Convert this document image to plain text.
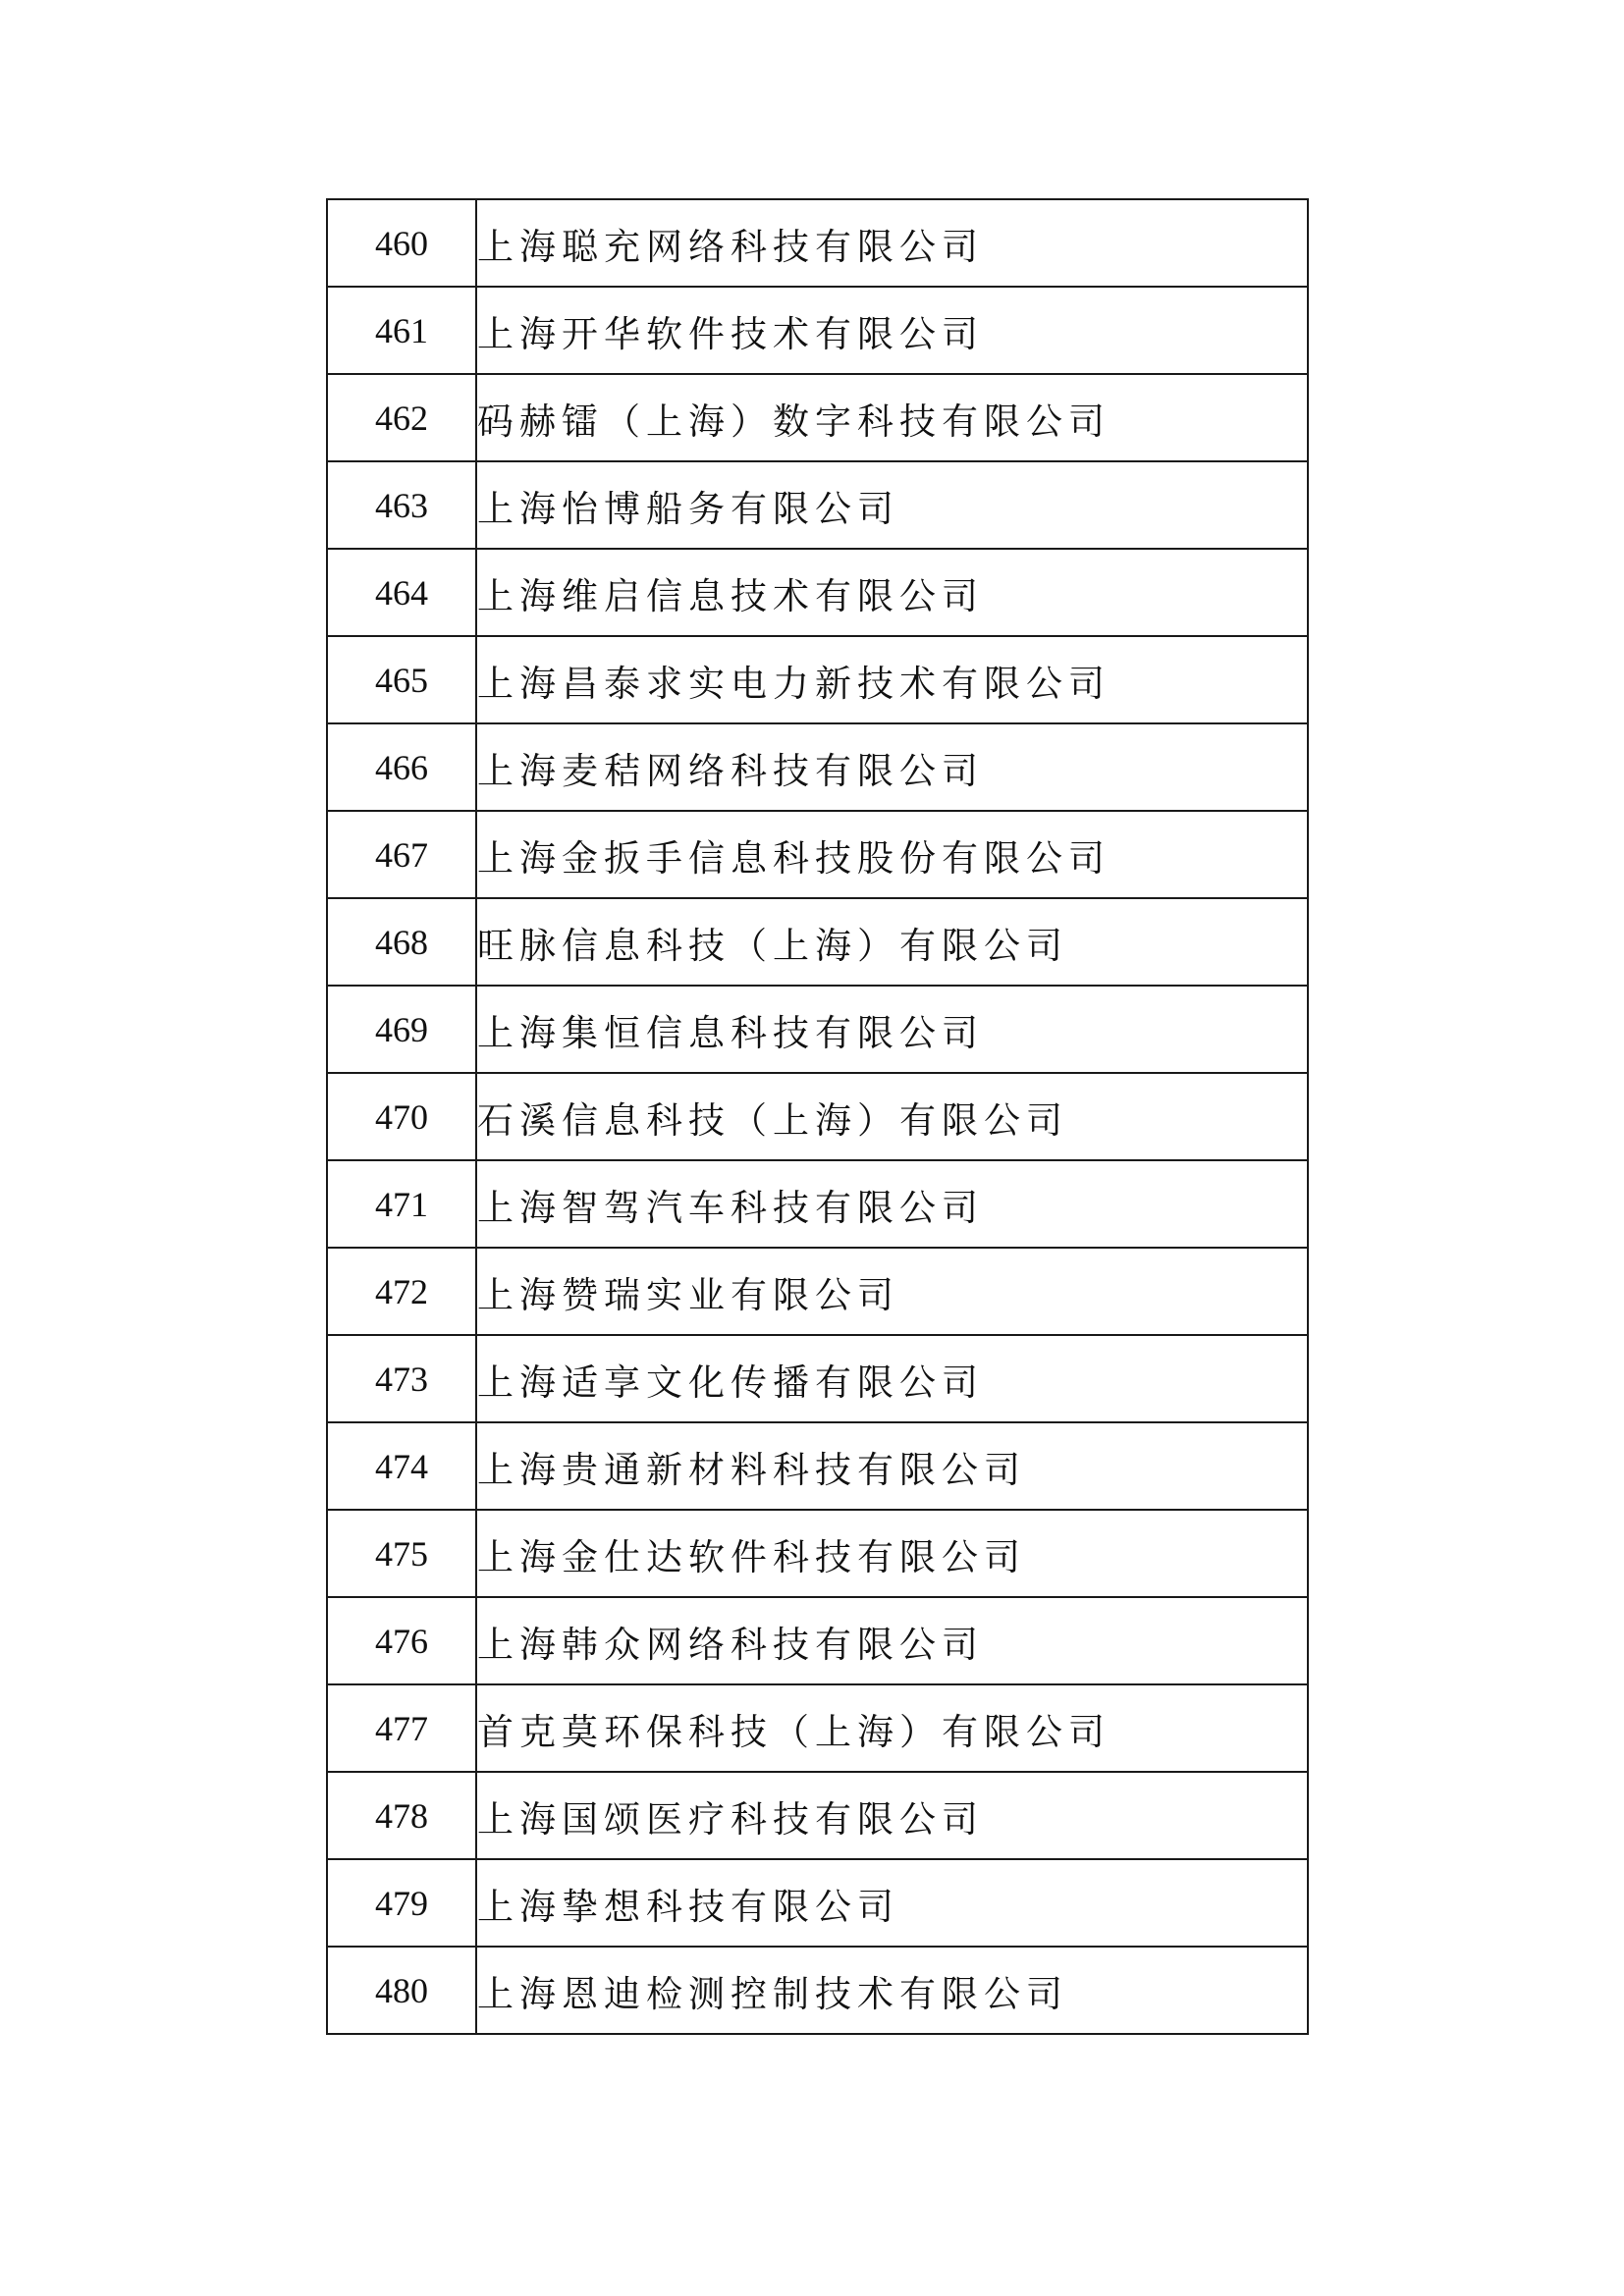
460	上海聪充网络科技有限公司
461	上海开华软件技术有限公司
462	码赫镭（上海）数字科技有限公司
463	上海怡博船务有限公司
464	上海维启信息技术有限公司
465	上海昌泰求实电力新技术有限公司
466	上海麦秸网络科技有限公司
467	上海金扳手信息科技股份有限公司
468	旺脉信息科技（上海）有限公司
469	上海集恒信息科技有限公司
470	石溪信息科技（上海）有限公司
471	上海智驾汽车科技有限公司
472	上海赞瑞实业有限公司
473	上海适享文化传播有限公司
474	上海贵通新材料科技有限公司
475	上海金仕达软件科技有限公司
476	上海韩众网络科技有限公司
477	首克莫环保科技（上海）有限公司
478	上海国颂医疗科技有限公司
479	上海挚想科技有限公司
480	上海恩迪检测控制技术有限公司
